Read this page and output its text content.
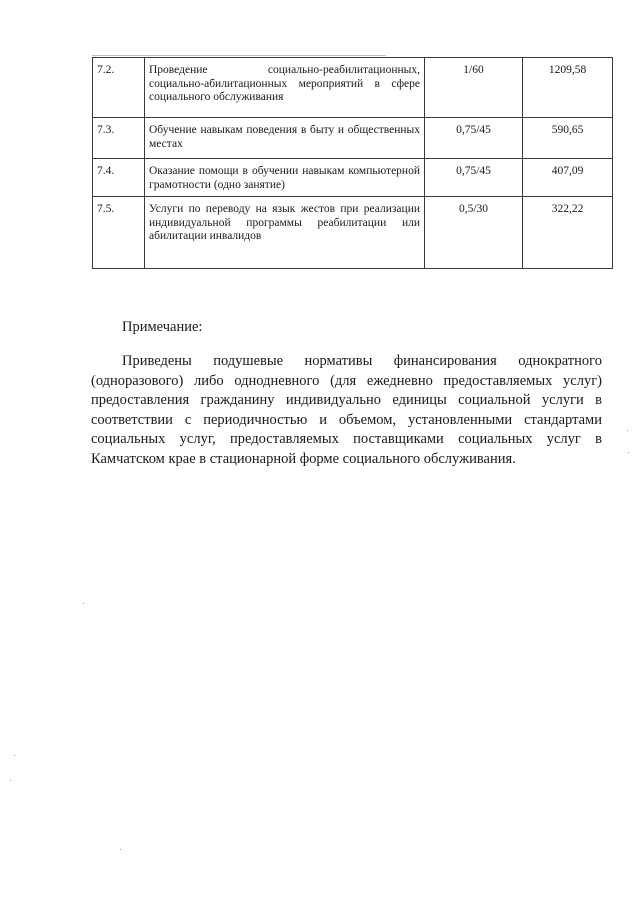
7.2.	Проведение социально-реабилитационных, социально-абилитационных мероприятий в сфере социального обслуживания	1/60	1209,58
7.3.	Обучение навыкам поведения в быту и общественных местах	0,75/45	590,65
7.4.	Оказание помощи в обучении навыкам компьютерной грамотности (одно занятие)	0,75/45	407,09
7.5.	Услуги по переводу на язык жестов при реализации индивидуальной программы реабилитации или абилитации инвалидов	0,5/30	322,22
Примечание:

Приведены подушевые нормативы финансирования однократного (одноразового) либо однодневного (для ежедневно предоставляемых услуг) предоставления гражданину индивидуально единицы социальной услуги в соответствии с периодичностью и объемом, установленными стандартами социальных услуг, предоставляемых поставщиками социальных услуг в Камчатском крае в стационарной форме социального обслуживания.
